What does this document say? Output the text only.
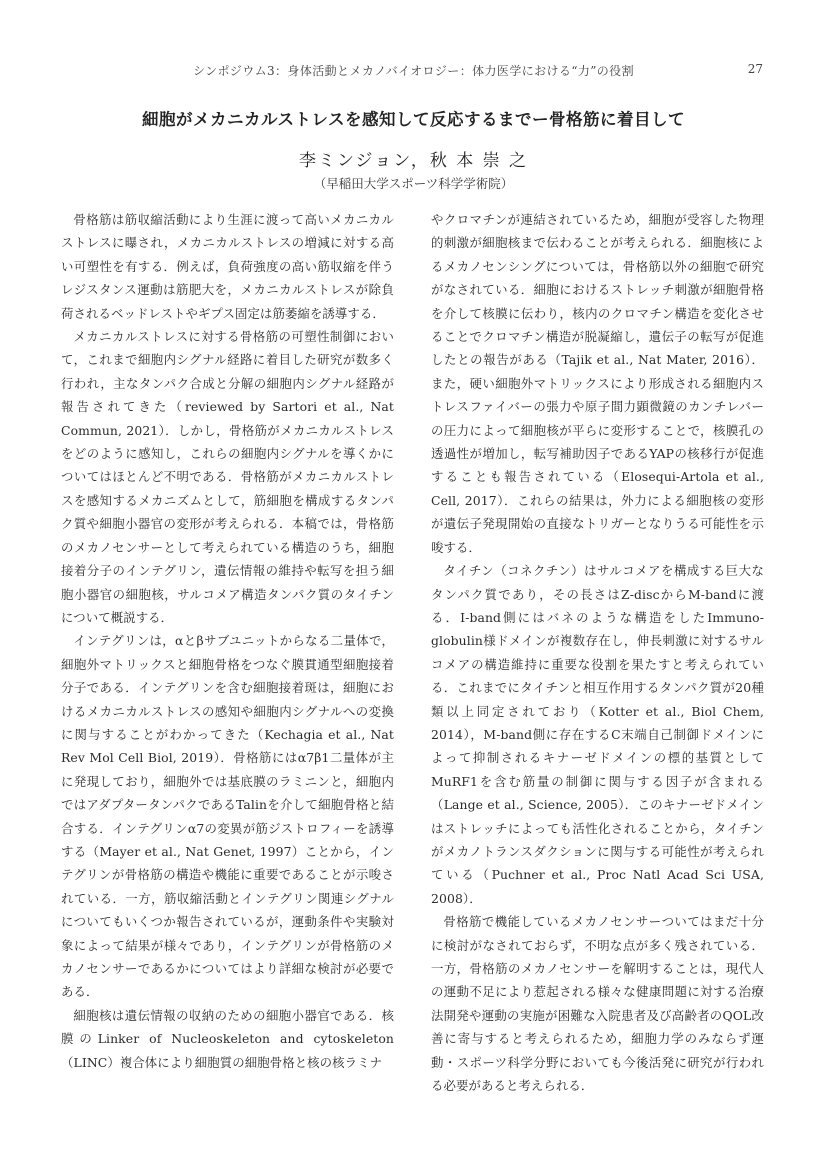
シンポジウム3：身体活動とメカノバイオロジー：体力医学における“力”の役割	27
細胞がメカニカルストレスを感知して反応するまでー骨格筋に着目して
李ミンジョン，秋 本 崇 之
（早稲田大学スポーツ科学学術院）

骨格筋は筋収縮活動により生涯に渡って高いメカニカルストレスに曝され，メカニカルストレスの増減に対する高い可塑性を有する．例えば，負荷強度の高い筋収縮を伴うレジスタンス運動は筋肥大を，メカニカルストレスが除負荷されるベッドレストやギプス固定は筋萎縮を誘導する．

メカニカルストレスに対する骨格筋の可塑性制御において，これまで細胞内シグナル経路に着目した研究が数多く行われ，主なタンパク合成と分解の細胞内シグナル経路が報告されてきた（reviewed by Sartori et al., Nat Commun, 2021）．しかし，骨格筋がメカニカルストレスをどのように感知し，これらの細胞内シグナルを導くかについてはほとんど不明である．骨格筋がメカニカルストレスを感知するメカニズムとして，筋細胞を構成するタンパク質や細胞小器官の変形が考えられる．本稿では，骨格筋のメカノセンサーとして考えられている構造のうち，細胞接着分子のインテグリン，遺伝情報の維持や転写を担う細胞小器官の細胞核，サルコメア構造タンパク質のタイチンについて概説する．

インテグリンは，αとβサブユニットからなる二量体で，細胞外マトリックスと細胞骨格をつなぐ膜貫通型細胞接着分子である．インテグリンを含む細胞接着斑は，細胞におけるメカニカルストレスの感知や細胞内シグナルへの変換に関与することがわかってきた（Kechagia et al., Nat Rev Mol Cell Biol, 2019）．骨格筋にはα7β1二量体が主に発現しており，細胞外では基底膜のラミニンと，細胞内ではアダプタータンパクであるTalinを介して細胞骨格と結合する．インテグリンα7の変異が筋ジストロフィーを誘導する（Mayer et al., Nat Genet, 1997）ことから，インテグリンが骨格筋の構造や機能に重要であることが示唆されている．一方，筋収縮活動とインテグリン関連シグナルについてもいくつか報告されているが，運動条件や実験対象によって結果が様々であり，インテグリンが骨格筋のメカノセンサーであるかについてはより詳細な検討が必要である．

細胞核は遺伝情報の収納のための細胞小器官である．核膜のLinker of Nucleoskeleton and cytoskeleton（LINC）複合体により細胞質の細胞骨格と核の核ラミナ

やクロマチンが連結されているため，細胞が受容した物理的刺激が細胞核まで伝わることが考えられる．細胞核によるメカノセンシングについては，骨格筋以外の細胞で研究がなされている．細胞におけるストレッチ刺激が細胞骨格を介して核膜に伝わり，核内のクロマチン構造を変化させることでクロマチン構造が脱凝縮し，遺伝子の転写が促進したとの報告がある（Tajik et al., Nat Mater, 2016）．また，硬い細胞外マトリックスにより形成される細胞内ストレスファイバーの張力や原子間力顕微鏡のカンチレバーの圧力によって細胞核が平らに変形することで，核膜孔の透過性が増加し，転写補助因子であるYAPの核移行が促進することも報告されている（Elosequi-Artola et al., Cell, 2017）．これらの結果は，外力による細胞核の変形が遺伝子発現開始の直接なトリガーとなりうる可能性を示唆する．

タイチン（コネクチン）はサルコメアを構成する巨大なタンパク質であり，その長さはZ-discからM-bandに渡る．I-band側にはバネのような構造をしたImmuno-globulin様ドメインが複数存在し，伸長刺激に対するサルコメアの構造維持に重要な役割を果たすと考えられている．これまでにタイチンと相互作用するタンパク質が20種類以上同定されており（Kotter et al., Biol Chem, 2014），M-band側に存在するC末端自己制御ドメインによって抑制されるキナーゼドメインの標的基質としてMuRF1を含む筋量の制御に関与する因子が含まれる（Lange et al., Science, 2005）．このキナーゼドメインはストレッチによっても活性化されることから，タイチンがメカノトランスダクションに関与する可能性が考えられている（Puchner et al., Proc Natl Acad Sci USA, 2008）．

骨格筋で機能しているメカノセンサーついてはまだ十分に検討がなされておらず，不明な点が多く残されている．一方，骨格筋のメカノセンサーを解明することは，現代人の運動不足により惹起される様々な健康問題に対する治療法開発や運動の実施が困難な入院患者及び高齢者のQOL改善に寄与すると考えられるため，細胞力学のみならず運動・スポーツ科学分野においても今後活発に研究が行われる必要があると考えられる．
